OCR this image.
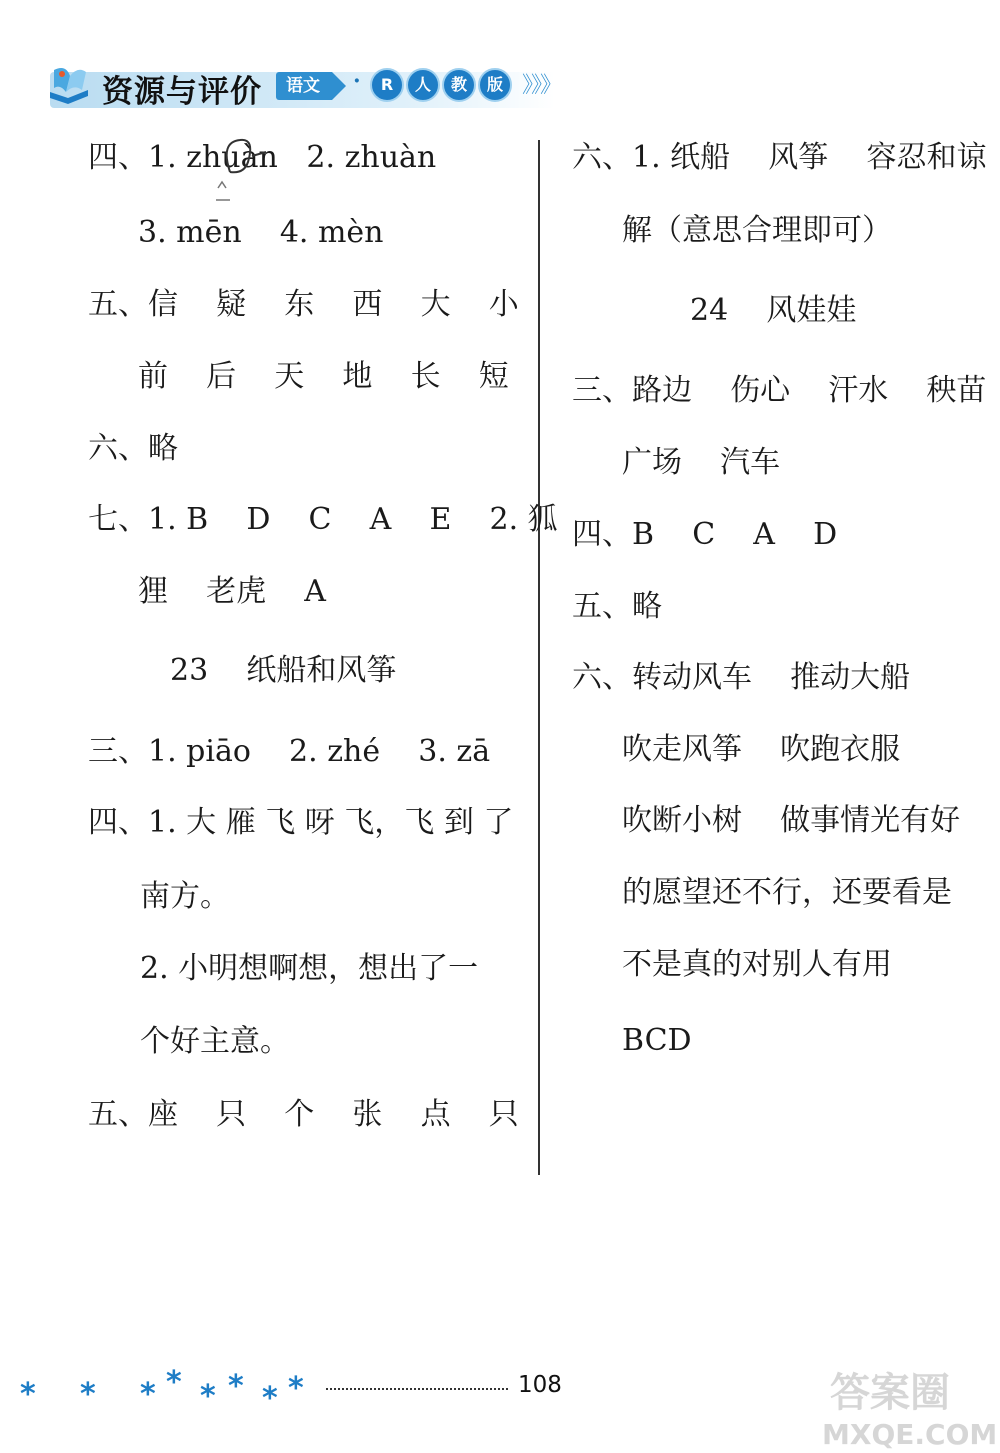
资源与评价	语文	·	R	人	教	版 》》》
四、1. zhuàn   2. zhuàn
3. mēn    4. mèn
五、信    疑    东    西    大    小
前    后    天    地    长    短
六、略
七、1. B    D    C    A    E    2. 狐
狸    老虎    A
23    纸船和风筝
三、1. piāo    2. zhé    3. zā
四、1. 大 雁 飞 呀 飞，飞 到 了
南方。
2. 小明想啊想，想出了一
个好主意。
五、座    只    个    张    点    只
六、1. 纸船    风筝    容忍和谅
解（意思合理即可）
24    风娃娃
三、路边    伤心    汗水    秧苗
广场    汽车
四、B    C    A    D
五、略
六、转动风车    推动大船
吹走风筝    吹跑衣服
吹断小树    做事情光有好
的愿望还不行，还要看是
不是真的对别人有用
BCD
* * * * * * * *	108	答案圈
MXQE.COM
